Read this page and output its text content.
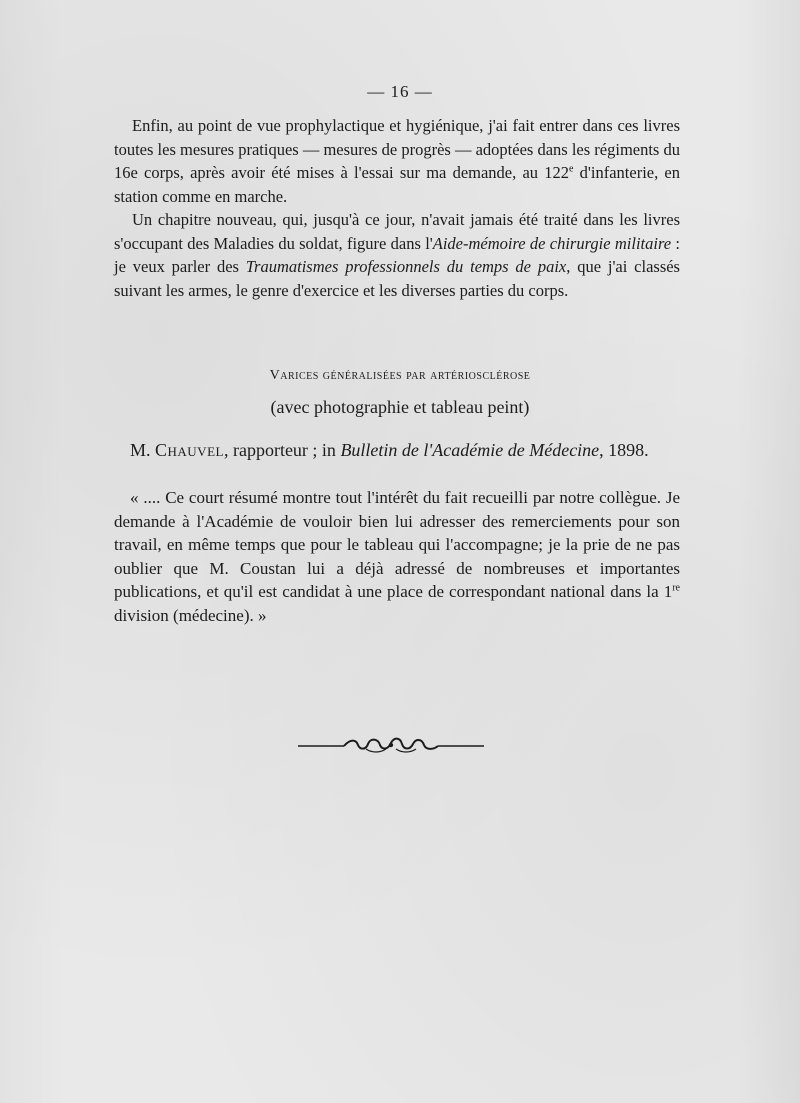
— 16 —

Enfin, au point de vue prophylactique et hygiénique, j'ai fait entrer dans ces livres toutes les mesures pratiques — mesures de progrès — adoptées dans les régiments du 16e corps, après avoir été mises à l'essai sur ma demande, au 122e d'infanterie, en station comme en marche.

Un chapitre nouveau, qui, jusqu'à ce jour, n'avait jamais été traité dans les livres s'occupant des Maladies du soldat, figure dans l'Aide-mémoire de chirurgie militaire : je veux parler des Traumatismes professionnels du temps de paix, que j'ai classés suivant les armes, le genre d'exercice et les diverses parties du corps.

Varices généralisées par artériosclérose
(avec photographie et tableau peint)
M. Chauvel, rapporteur ; in Bulletin de l'Académie de Médecine, 1898.

« .... Ce court résumé montre tout l'intérêt du fait recueilli par notre collègue. Je demande à l'Académie de vouloir bien lui adresser des remerciements pour son travail, en même temps que pour le tableau qui l'accompagne; je la prie de ne pas oublier que M. Coustan lui a déjà adressé de nombreuses et importantes publications, et qu'il est candidat à une place de correspondant national dans la 1re division (médecine). »
